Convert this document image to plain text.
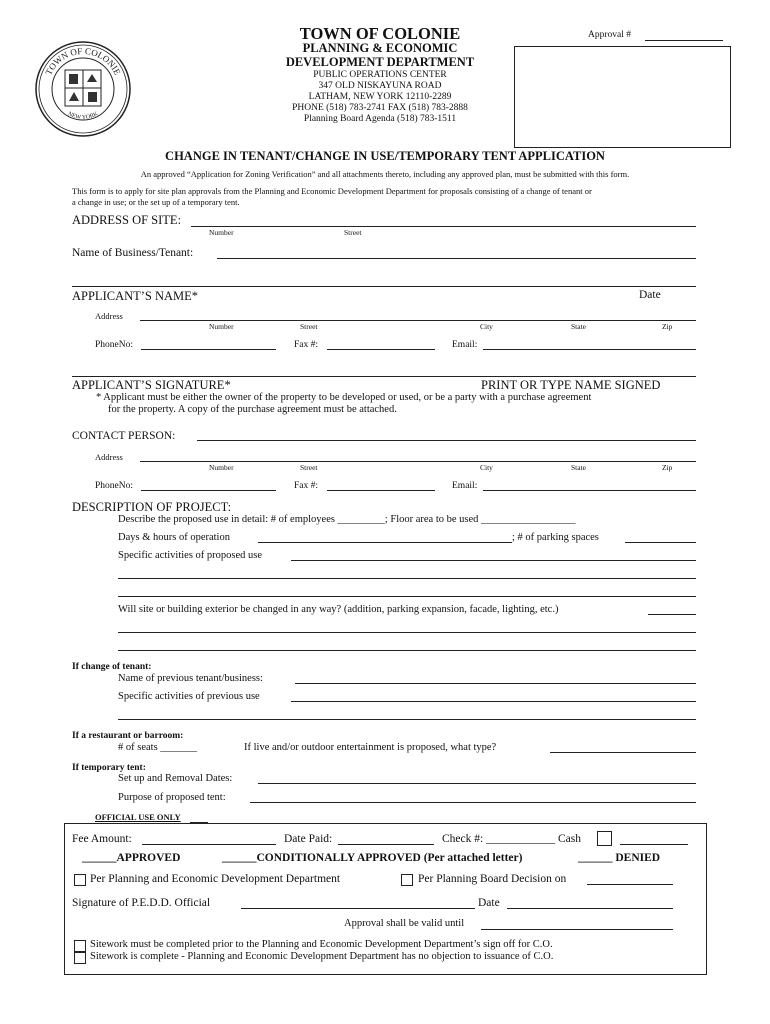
TOWN OF COLONIE
NEW YORK
TOWN OF COLONIE
PLANNING & ECONOMIC
DEVELOPMENT DEPARTMENT
PUBLIC OPERATIONS CENTER
347 OLD NISKAYUNA ROAD
LATHAM, NEW YORK 12110-2289
PHONE (518) 783-2741 FAX (518) 783-2888
Planning Board Agenda (518) 783-1511
Approval #
CHANGE IN TENANT/CHANGE IN USE/TEMPORARY TENT APPLICATION
An approved “Application for Zoning Verification” and all attachments thereto, including any approved plan, must be submitted with this form.
This form is to apply for site plan approvals from the Planning and Economic Development Department for proposals consisting of a change of tenant or
a change in use; or the set up of a temporary tent.
ADDRESS OF SITE:
Number	Street
Name of Business/Tenant:
APPLICANT’S NAME*	Date
Address
Number	Street	City	State	Zip
PhoneNo:	Fax #:	Email:
APPLICANT’S SIGNATURE*	PRINT OR TYPE NAME SIGNED
* Applicant must be either the owner of the property to be developed or used, or be a party with a purchase agreement
for the property. A copy of the purchase agreement must be attached.
CONTACT PERSON:
Address
Number	Street	City	State	Zip
PhoneNo:	Fax #:	Email:
DESCRIPTION OF PROJECT:
Describe the proposed use in detail: # of employees _________; Floor area to be used __________________
Days & hours of operation	; # of parking spaces
Specific activities of proposed use
Will site or building exterior be changed in any way? (addition, parking expansion, facade, lighting, etc.)
If change of tenant:
Name of previous tenant/business:
Specific activities of previous use
If a restaurant or barroom:
# of seats _______	If live and/or outdoor entertainment is proposed, what type?
If temporary tent:
Set up and Removal Dates:
Purpose of proposed tent:
OFFICIAL USE ONLY
Fee Amount:	Date Paid:	Check #: ____________ Cash
______APPROVED	______CONDITIONALLY APPROVED (Per attached letter)	______ DENIED
Per Planning and Economic Development Department	Per Planning Board Decision on
Signature of P.E.D.D. Official	Date
Approval shall be valid until
Sitework must be completed prior to the Planning and Economic Development Department’s sign off for C.O.
Sitework is complete - Planning and Economic Development Department has no objection to issuance of C.O.
